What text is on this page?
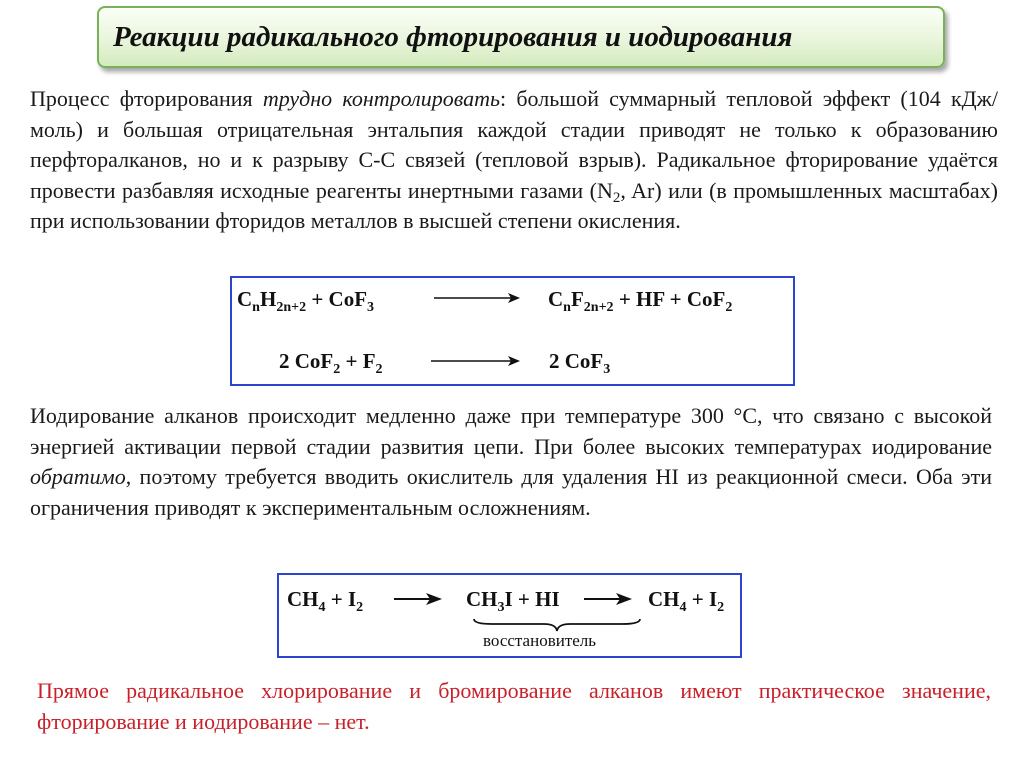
Реакции радикального фторирования и иодирования

Процесс фторирования трудно контролировать: большой суммарный тепловой эффект (104 кДж/моль) и большая отрицательная энтальпия каждой стадии приводят не только к образованию перфторалканов, но и к разрыву С-С связей (тепловой взрыв). Радикальное фторирование удаётся провести разбавляя исходные реагенты инертными газами ($N_2$, Ar) или (в промышленных масштабах) при использовании фторидов металлов в высшей степени окисления.

$C_nH_{2n+2} + CoF_3$	$C_nF_{2n+2}$ + HF + CoF$_2$
2 $CoF_2 + F_2$	2 CoF$_3$

Иодирование алканов происходит медленно даже при температуре 300 °С, что связано с высокой энергией активации первой стадии развития цепи. При более высоких температурах иодирование обратимо, поэтому требуется вводить окислитель для удаления HI из реакционной смеси. Оба эти ограничения приводят к экспериментальным осложнениям.

$CH_4 + I_2 \to CH_3I$ + HI → $CH_4 + I_2$
восстановитель

Прямое радикальное хлорирование и бромирование алканов имеют практическое значение, фторирование и иодирование – нет.
